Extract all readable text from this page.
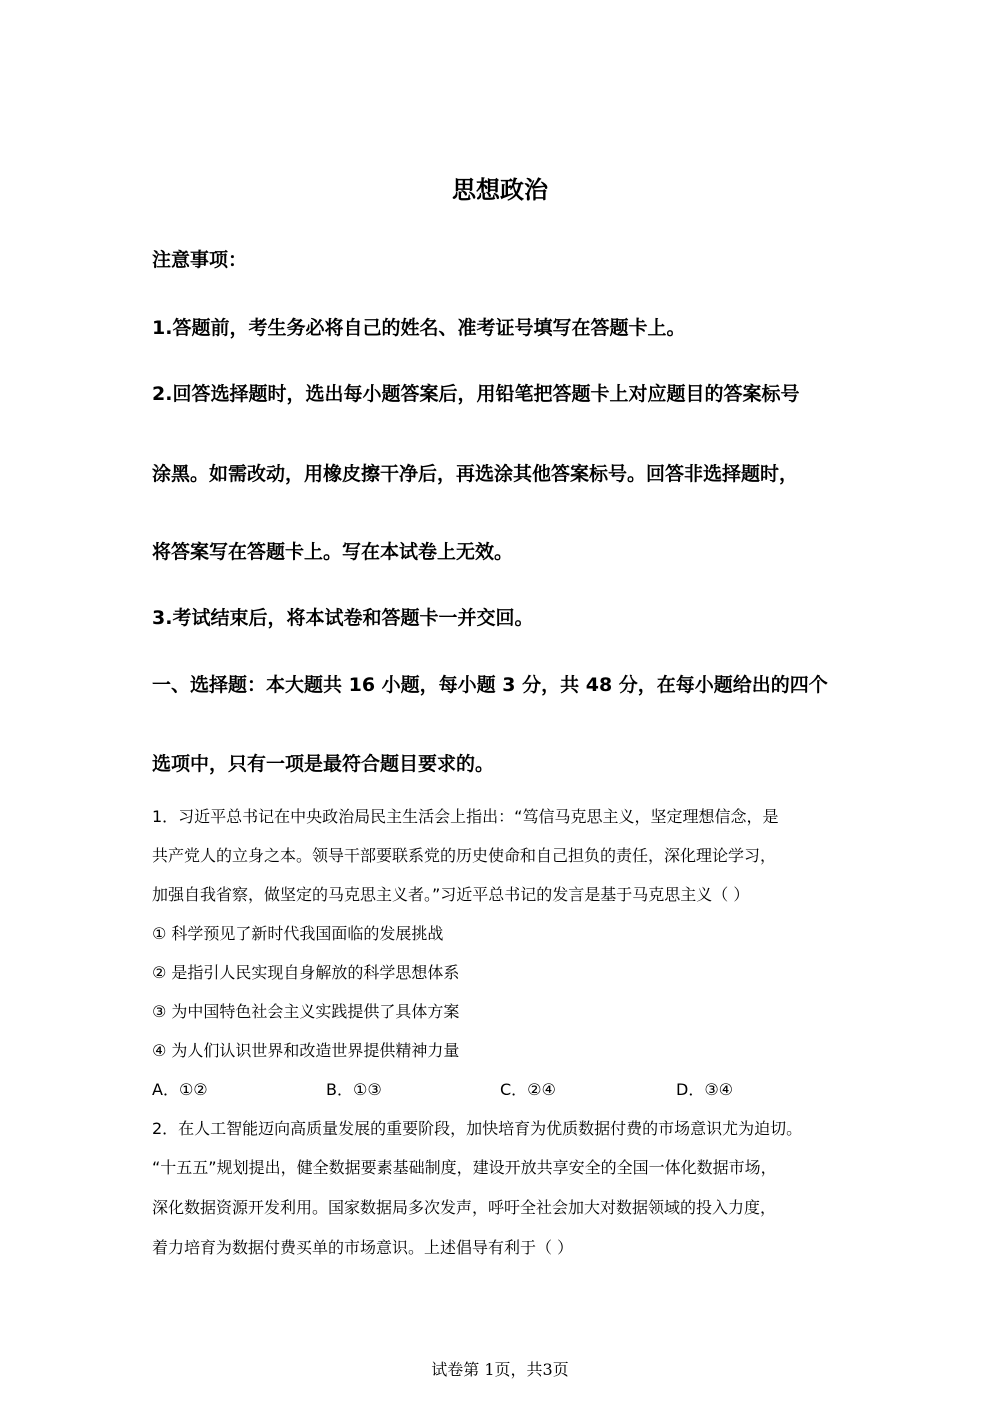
思想政治
注意事项：
1.答题前，考生务必将自己的姓名、准考证号填写在答题卡上。
2.回答选择题时，选出每小题答案后，用铅笔把答题卡上对应题目的答案标号
涂黑。如需改动，用橡皮擦干净后，再选涂其他答案标号。回答非选择题时，
将答案写在答题卡上。写在本试卷上无效。
3.考试结束后，将本试卷和答题卡一并交回。
一、选择题：本大题共 16 小题，每小题 3 分，共 48 分，在每小题给出的四个
选项中，只有一项是最符合题目要求的。
1．习近平总书记在中央政治局民主生活会上指出：“笃信马克思主义，坚定理想信念，是
共产党人的立身之本。领导干部要联系党的历史使命和自己担负的责任，深化理论学习，
加强自我省察，做坚定的马克思主义者。”习近平总书记的发言是基于马克思主义（ ）
① 科学预见了新时代我国面临的发展挑战
② 是指引人民实现自身解放的科学思想体系
③ 为中国特色社会主义实践提供了具体方案
④ 为人们认识世界和改造世界提供精神力量
A．①②	B．①③	C．②④	D．③④
2．在人工智能迈向高质量发展的重要阶段，加快培育为优质数据付费的市场意识尤为迫切。
“十五五”规划提出，健全数据要素基础制度，建设开放共享安全的全国一体化数据市场，
深化数据资源开发利用。国家数据局多次发声，呼吁全社会加大对数据领域的投入力度，
着力培育为数据付费买单的市场意识。上述倡导有利于（ ）
试卷第 1页，共3页
